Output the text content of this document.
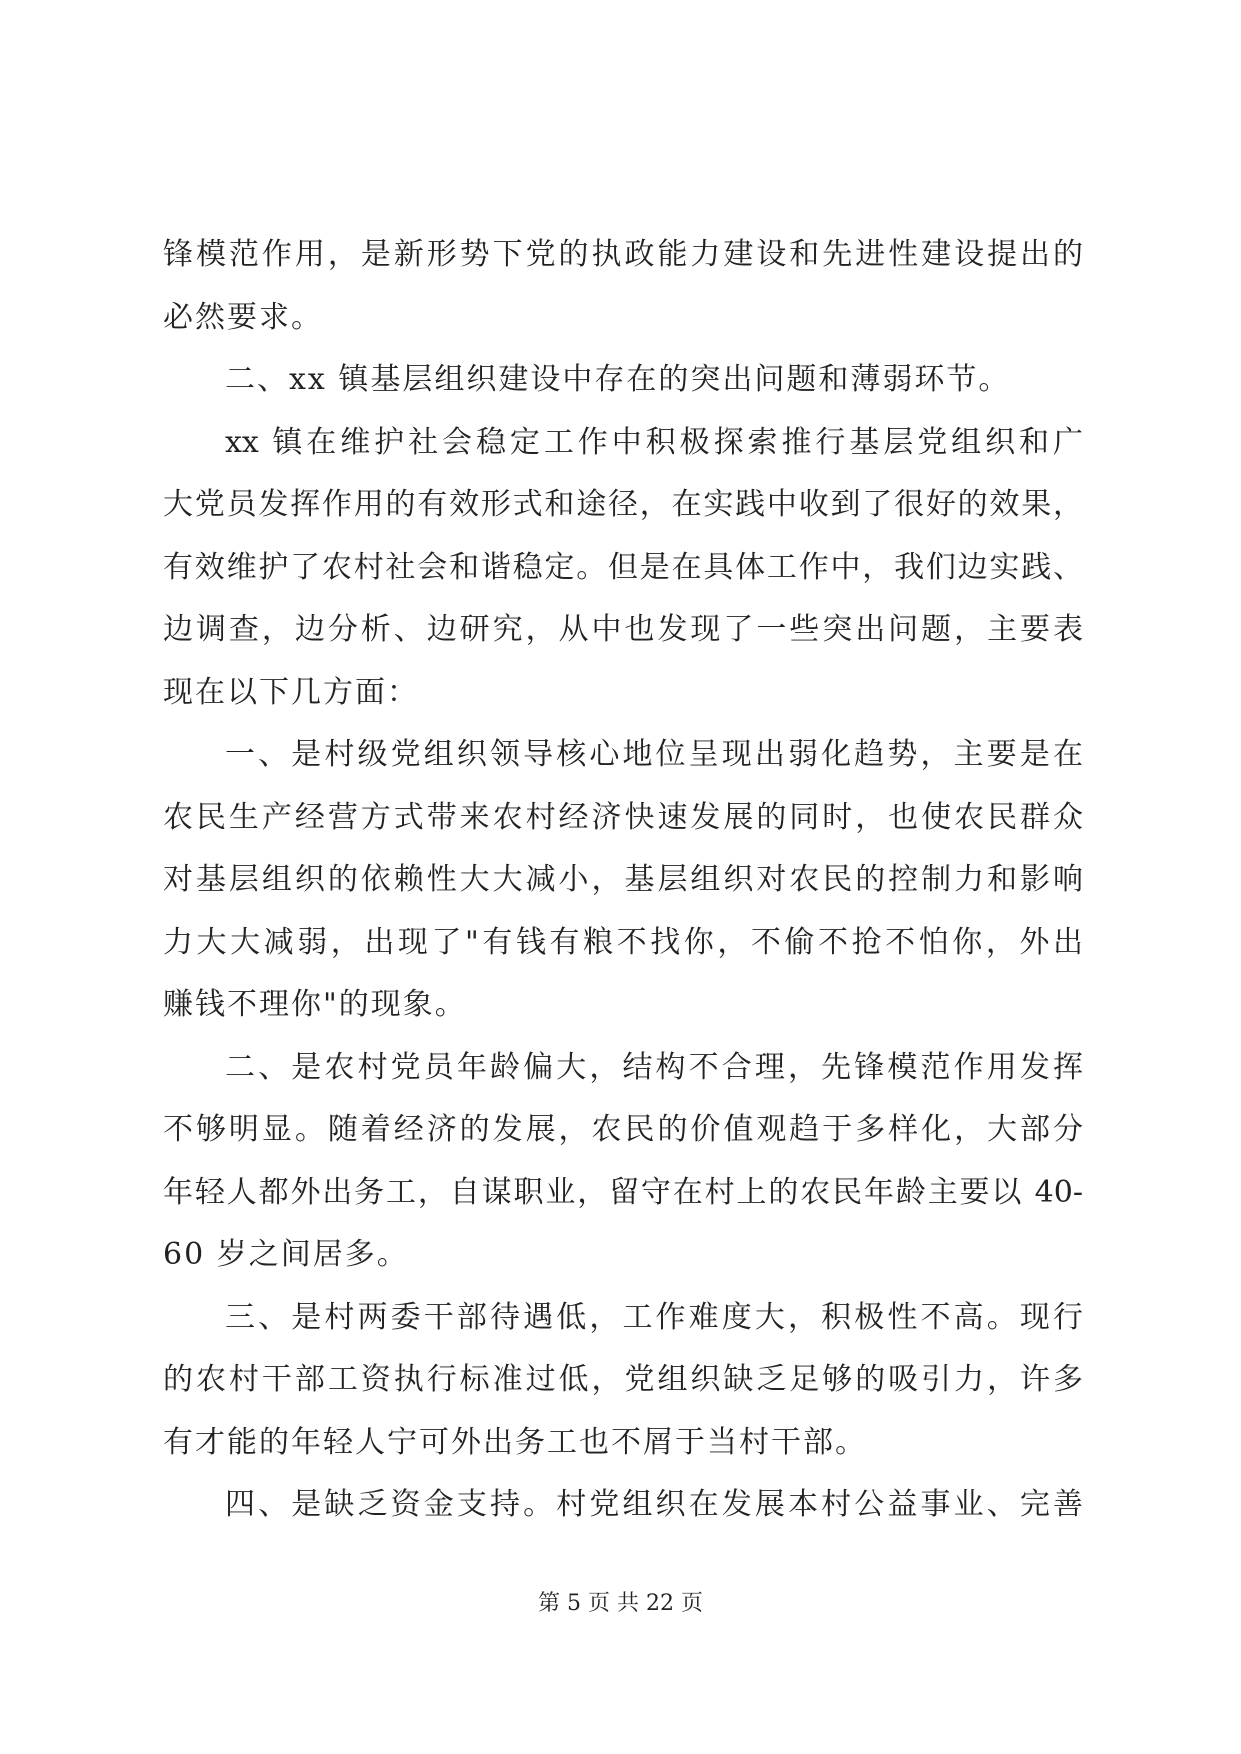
锋模范作用，是新形势下党的执政能力建设和先进性建设提出的
必然要求。
二、xx 镇基层组织建设中存在的突出问题和薄弱环节。
xx 镇在维护社会稳定工作中积极探索推行基层党组织和广
大党员发挥作用的有效形式和途径，在实践中收到了很好的效果，
有效维护了农村社会和谐稳定。但是在具体工作中，我们边实践、
边调查，边分析、边研究，从中也发现了一些突出问题，主要表
现在以下几方面：
一、是村级党组织领导核心地位呈现出弱化趋势，主要是在
农民生产经营方式带来农村经济快速发展的同时，也使农民群众
对基层组织的依赖性大大减小，基层组织对农民的控制力和影响
力大大减弱，出现了"有钱有粮不找你，不偷不抢不怕你，外出
赚钱不理你"的现象。
二、是农村党员年龄偏大，结构不合理，先锋模范作用发挥
不够明显。随着经济的发展，农民的价值观趋于多样化，大部分
年轻人都外出务工，自谋职业，留守在村上的农民年龄主要以 40-
60 岁之间居多。
三、是村两委干部待遇低，工作难度大，积极性不高。现行
的农村干部工资执行标准过低，党组织缺乏足够的吸引力，许多
有才能的年轻人宁可外出务工也不屑于当村干部。
四、是缺乏资金支持。村党组织在发展本村公益事业、完善
第 5 页 共 22 页
